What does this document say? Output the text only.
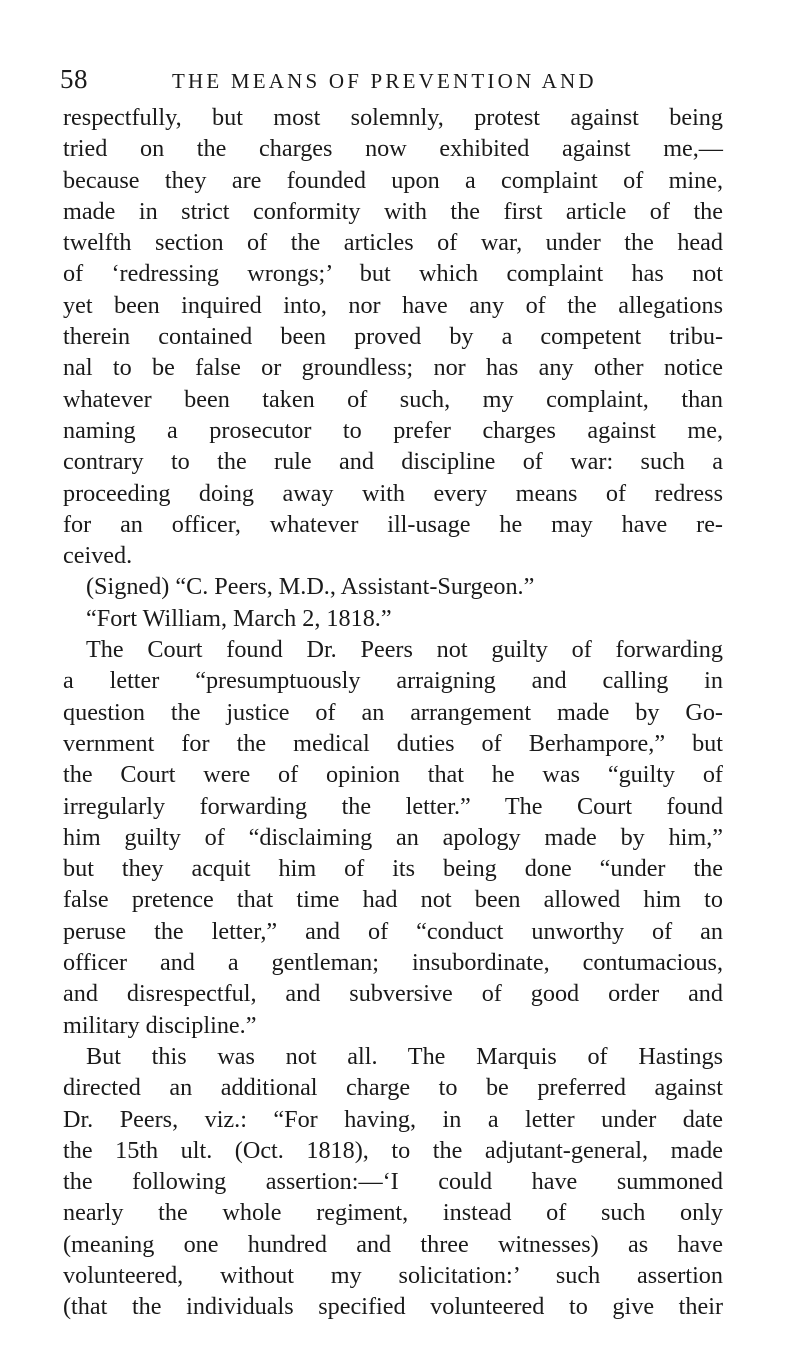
58	THE MEANS OF PREVENTION AND
respectfully, but most solemnly, protest against being
tried on the charges now exhibited against me,—
because they are founded upon a complaint of mine,
made in strict conformity with the first article of the
twelfth section of the articles of war, under the head
of ‘redressing wrongs;’ but which complaint has not
yet been inquired into, nor have any of the allegations
therein contained been proved by a competent tribu-
nal to be false or groundless; nor has any other notice
whatever been taken of such, my complaint, than
naming a prosecutor to prefer charges against me,
contrary to the rule and discipline of war: such a
proceeding doing away with every means of redress
for an officer, whatever ill-usage he may have re-
ceived.
(Signed) “C. Peers, M.D., Assistant-Surgeon.”
“Fort William, March 2, 1818.”
The Court found Dr. Peers not guilty of forwarding
a letter “presumptuously arraigning and calling in
question the justice of an arrangement made by Go-
vernment for the medical duties of Berhampore,” but
the Court were of opinion that he was “guilty of
irregularly forwarding the letter.” The Court found
him guilty of “disclaiming an apology made by him,”
but they acquit him of its being done “under the
false pretence that time had not been allowed him to
peruse the letter,” and of “conduct unworthy of an
officer and a gentleman; insubordinate, contumacious,
and disrespectful, and subversive of good order and
military discipline.”
But this was not all. The Marquis of Hastings
directed an additional charge to be preferred against
Dr. Peers, viz.: “For having, in a letter under date
the 15th ult. (Oct. 1818), to the adjutant-general, made
the following assertion:—‘I could have summoned
nearly the whole regiment, instead of such only
(meaning one hundred and three witnesses) as have
volunteered, without my solicitation:’ such assertion
(that the individuals specified volunteered to give their
